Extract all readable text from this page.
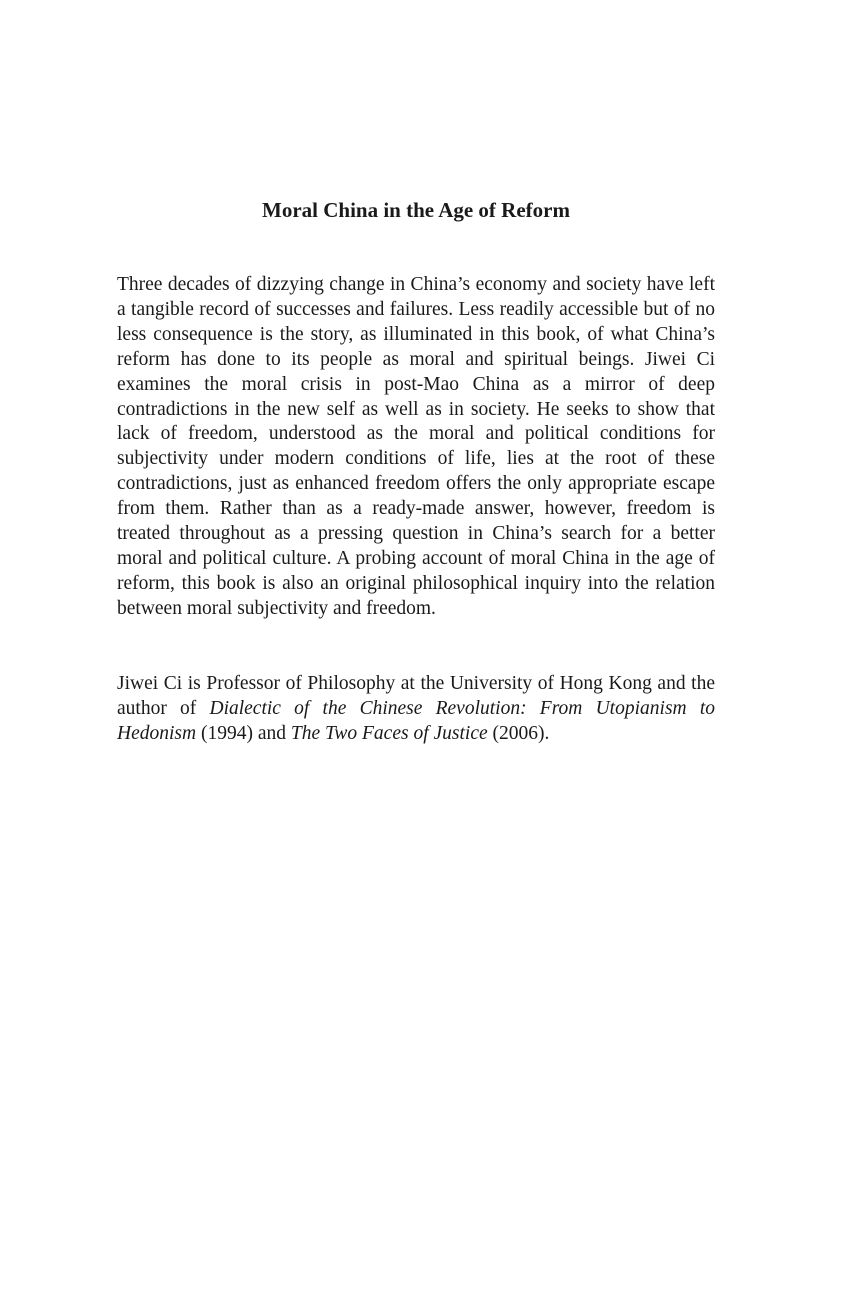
Moral China in the Age of Reform

Three decades of dizzying change in China’s economy and society have left a tangible record of successes and failures. Less readily accessible but of no less consequence is the story, as illuminated in this book, of what China’s reform has done to its people as moral and spiritual beings. Jiwei Ci examines the moral crisis in post-Mao China as a mirror of deep contradictions in the new self as well as in society. He seeks to show that lack of freedom, understood as the moral and political conditions for subjectivity under modern conditions of life, lies at the root of these contradictions, just as enhanced freedom offers the only appropriate escape from them. Rather than as a ready-made answer, however, freedom is treated throughout as a pressing question in China’s search for a better moral and political culture. A probing account of moral China in the age of reform, this book is also an original philosophical inquiry into the relation between moral subjectivity and freedom.

Jiwei Ci is Professor of Philosophy at the University of Hong Kong and the author of Dialectic of the Chinese Revolution: From Utopianism to Hedonism (1994) and The Two Faces of Justice (2006).
